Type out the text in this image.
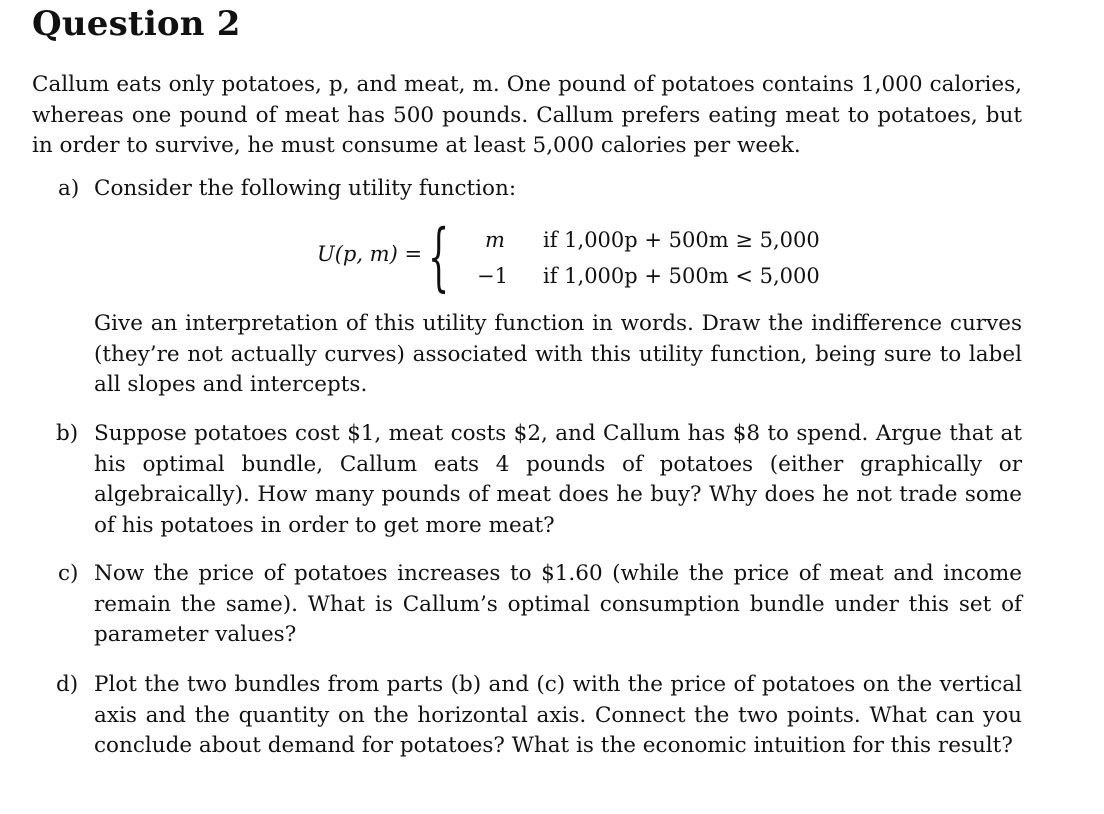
Question 2

Callum eats only potatoes, p, and meat, m. One pound of potatoes contains 1,000 calories, whereas one pound of meat has 500 pounds. Callum prefers eating meat to potatoes, but in order to survive, he must consume at least 5,000 calories per week.

a) Consider the following utility function:

U(p, m) = { m if 1,000p + 500m ≥ 5,000
−1 if 1,000p + 500m < 5,000

Give an interpretation of this utility function in words. Draw the indifference curves (they’re not actually curves) associated with this utility function, being sure to label all slopes and intercepts.

b) Suppose potatoes cost $1, meat costs $2, and Callum has $8 to spend. Argue that at his optimal bundle, Callum eats 4 pounds of potatoes (either graphically or algebraically). How many pounds of meat does he buy? Why does he not trade some of his potatoes in order to get more meat?

c) Now the price of potatoes increases to $1.60 (while the price of meat and income remain the same). What is Callum’s optimal consumption bundle under this set of parameter values?

d) Plot the two bundles from parts (b) and (c) with the price of potatoes on the vertical axis and the quantity on the horizontal axis. Connect the two points. What can you conclude about demand for potatoes? What is the economic intuition for this result?
